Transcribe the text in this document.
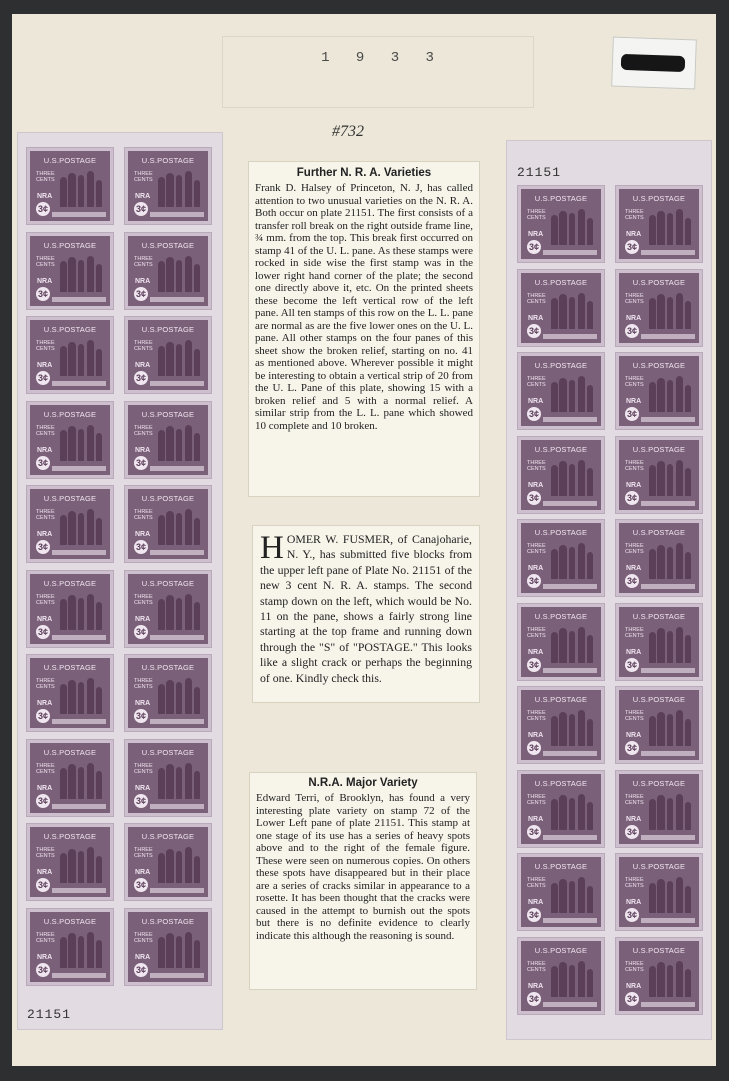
1 9 3 3
#732
21151
U.S.POSTAGE
THREE CENTS
NRA
3¢
U.S.POSTAGE
THREE CENTS
NRA
3¢
U.S.POSTAGE
THREE CENTS
NRA
3¢
U.S.POSTAGE
THREE CENTS
NRA
3¢
U.S.POSTAGE
THREE CENTS
NRA
3¢
U.S.POSTAGE
THREE CENTS
NRA
3¢
U.S.POSTAGE
THREE CENTS
NRA
3¢
U.S.POSTAGE
THREE CENTS
NRA
3¢
U.S.POSTAGE
THREE CENTS
NRA
3¢
U.S.POSTAGE
THREE CENTS
NRA
3¢
U.S.POSTAGE
THREE CENTS
NRA
3¢
U.S.POSTAGE
THREE CENTS
NRA
3¢
U.S.POSTAGE
THREE CENTS
NRA
3¢
U.S.POSTAGE
THREE CENTS
NRA
3¢
U.S.POSTAGE
THREE CENTS
NRA
3¢
U.S.POSTAGE
THREE CENTS
NRA
3¢
U.S.POSTAGE
THREE CENTS
NRA
3¢
U.S.POSTAGE
THREE CENTS
NRA
3¢
U.S.POSTAGE
THREE CENTS
NRA
3¢
U.S.POSTAGE
THREE CENTS
NRA
3¢
21151
U.S.POSTAGE
THREE CENTS
NRA
3¢
U.S.POSTAGE
THREE CENTS
NRA
3¢
U.S.POSTAGE
THREE CENTS
NRA
3¢
U.S.POSTAGE
THREE CENTS
NRA
3¢
U.S.POSTAGE
THREE CENTS
NRA
3¢
U.S.POSTAGE
THREE CENTS
NRA
3¢
U.S.POSTAGE
THREE CENTS
NRA
3¢
U.S.POSTAGE
THREE CENTS
NRA
3¢
U.S.POSTAGE
THREE CENTS
NRA
3¢
U.S.POSTAGE
THREE CENTS
NRA
3¢
U.S.POSTAGE
THREE CENTS
NRA
3¢
U.S.POSTAGE
THREE CENTS
NRA
3¢
U.S.POSTAGE
THREE CENTS
NRA
3¢
U.S.POSTAGE
THREE CENTS
NRA
3¢
U.S.POSTAGE
THREE CENTS
NRA
3¢
U.S.POSTAGE
THREE CENTS
NRA
3¢
U.S.POSTAGE
THREE CENTS
NRA
3¢
U.S.POSTAGE
THREE CENTS
NRA
3¢
U.S.POSTAGE
THREE CENTS
NRA
3¢
U.S.POSTAGE
THREE CENTS
NRA
3¢
Further N. R. A. Varieties

Frank D. Halsey of Princeton, N. J, has called attention to two unusual varieties on the N. R. A. Both occur on plate 21151. The first consists of a transfer roll break on the right outside frame line, ¾ mm. from the top. This break first occurred on stamp 41 of the U. L. pane. As these stamps were rocked in side wise the first stamp was in the lower right hand corner of the plate; the second one directly above it, etc. On the printed sheets these become the left vertical row of the left pane. All ten stamps of this row on the L. L. pane are normal as are the five lower ones on the U. L. pane. All other stamps on the four panes of this sheet show the broken relief, starting on no. 41 as mentioned above. Wherever possible it might be interesting to obtain a vertical strip of 20 from the U. L. Pane of this plate, showing 15 with a broken relief and 5 with a normal relief. A similar strip from the L. L. pane which showed 10 complete and 10 broken.

HOMER W. FUSMER, of Canajoharie, N. Y., has submitted five blocks from the upper left pane of Plate No. 21151 of the new 3 cent N. R. A. stamps. The second stamp down on the left, which would be No. 11 on the pane, shows a fairly strong line starting at the top frame and running down through the "S" of "POSTAGE." This looks like a slight crack or perhaps the beginning of one. Kindly check this.

N.R.A. Major Variety

Edward Terri, of Brooklyn, has found a very interesting plate variety on stamp 72 of the Lower Left pane of plate 21151. This stamp at one stage of its use has a series of heavy spots above and to the right of the female figure. These were seen on numerous copies. On others these spots have disappeared but in their place are a series of cracks similar in appearance to a rosette. It has been thought that the cracks were caused in the attempt to burnish out the spots but there is no definite evidence to clearly indicate this although the reasoning is sound.
